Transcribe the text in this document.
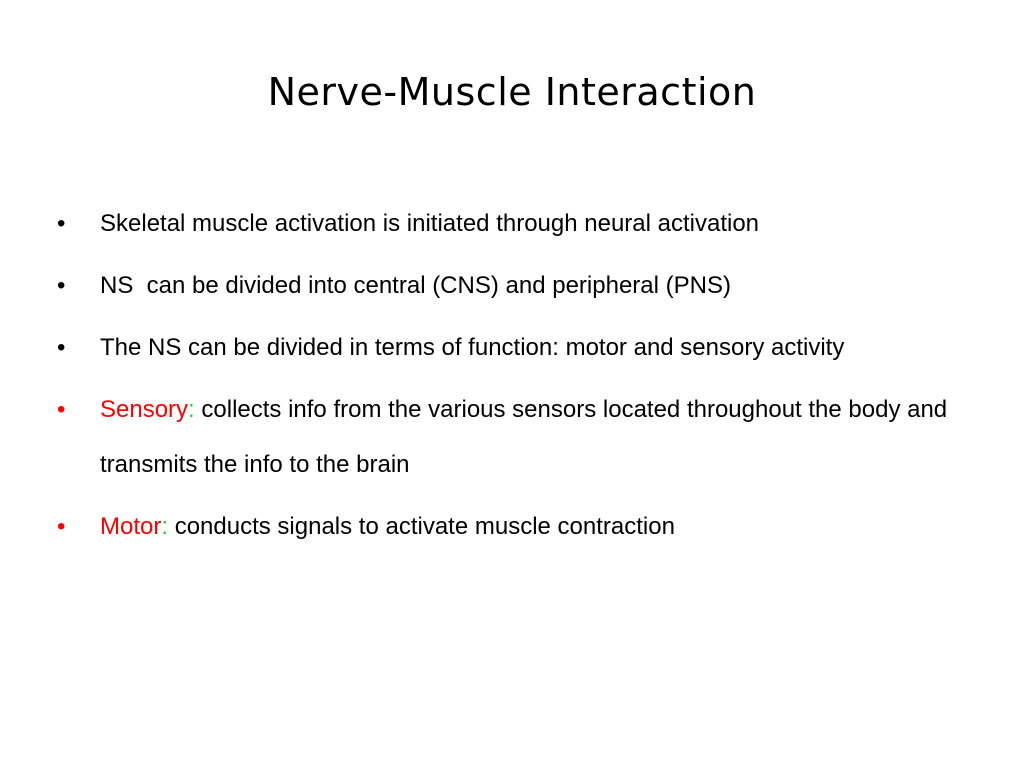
Nerve-Muscle Interaction
•	Skeletal muscle activation is initiated through neural activation
•	NS  can be divided into central (CNS) and peripheral (PNS)
•	The NS can be divided in terms of function: motor and sensory activity
•	Sensory: collects info from the various sensors located throughout the body and transmits the info to the brain
•	Motor: conducts signals to activate muscle contraction
